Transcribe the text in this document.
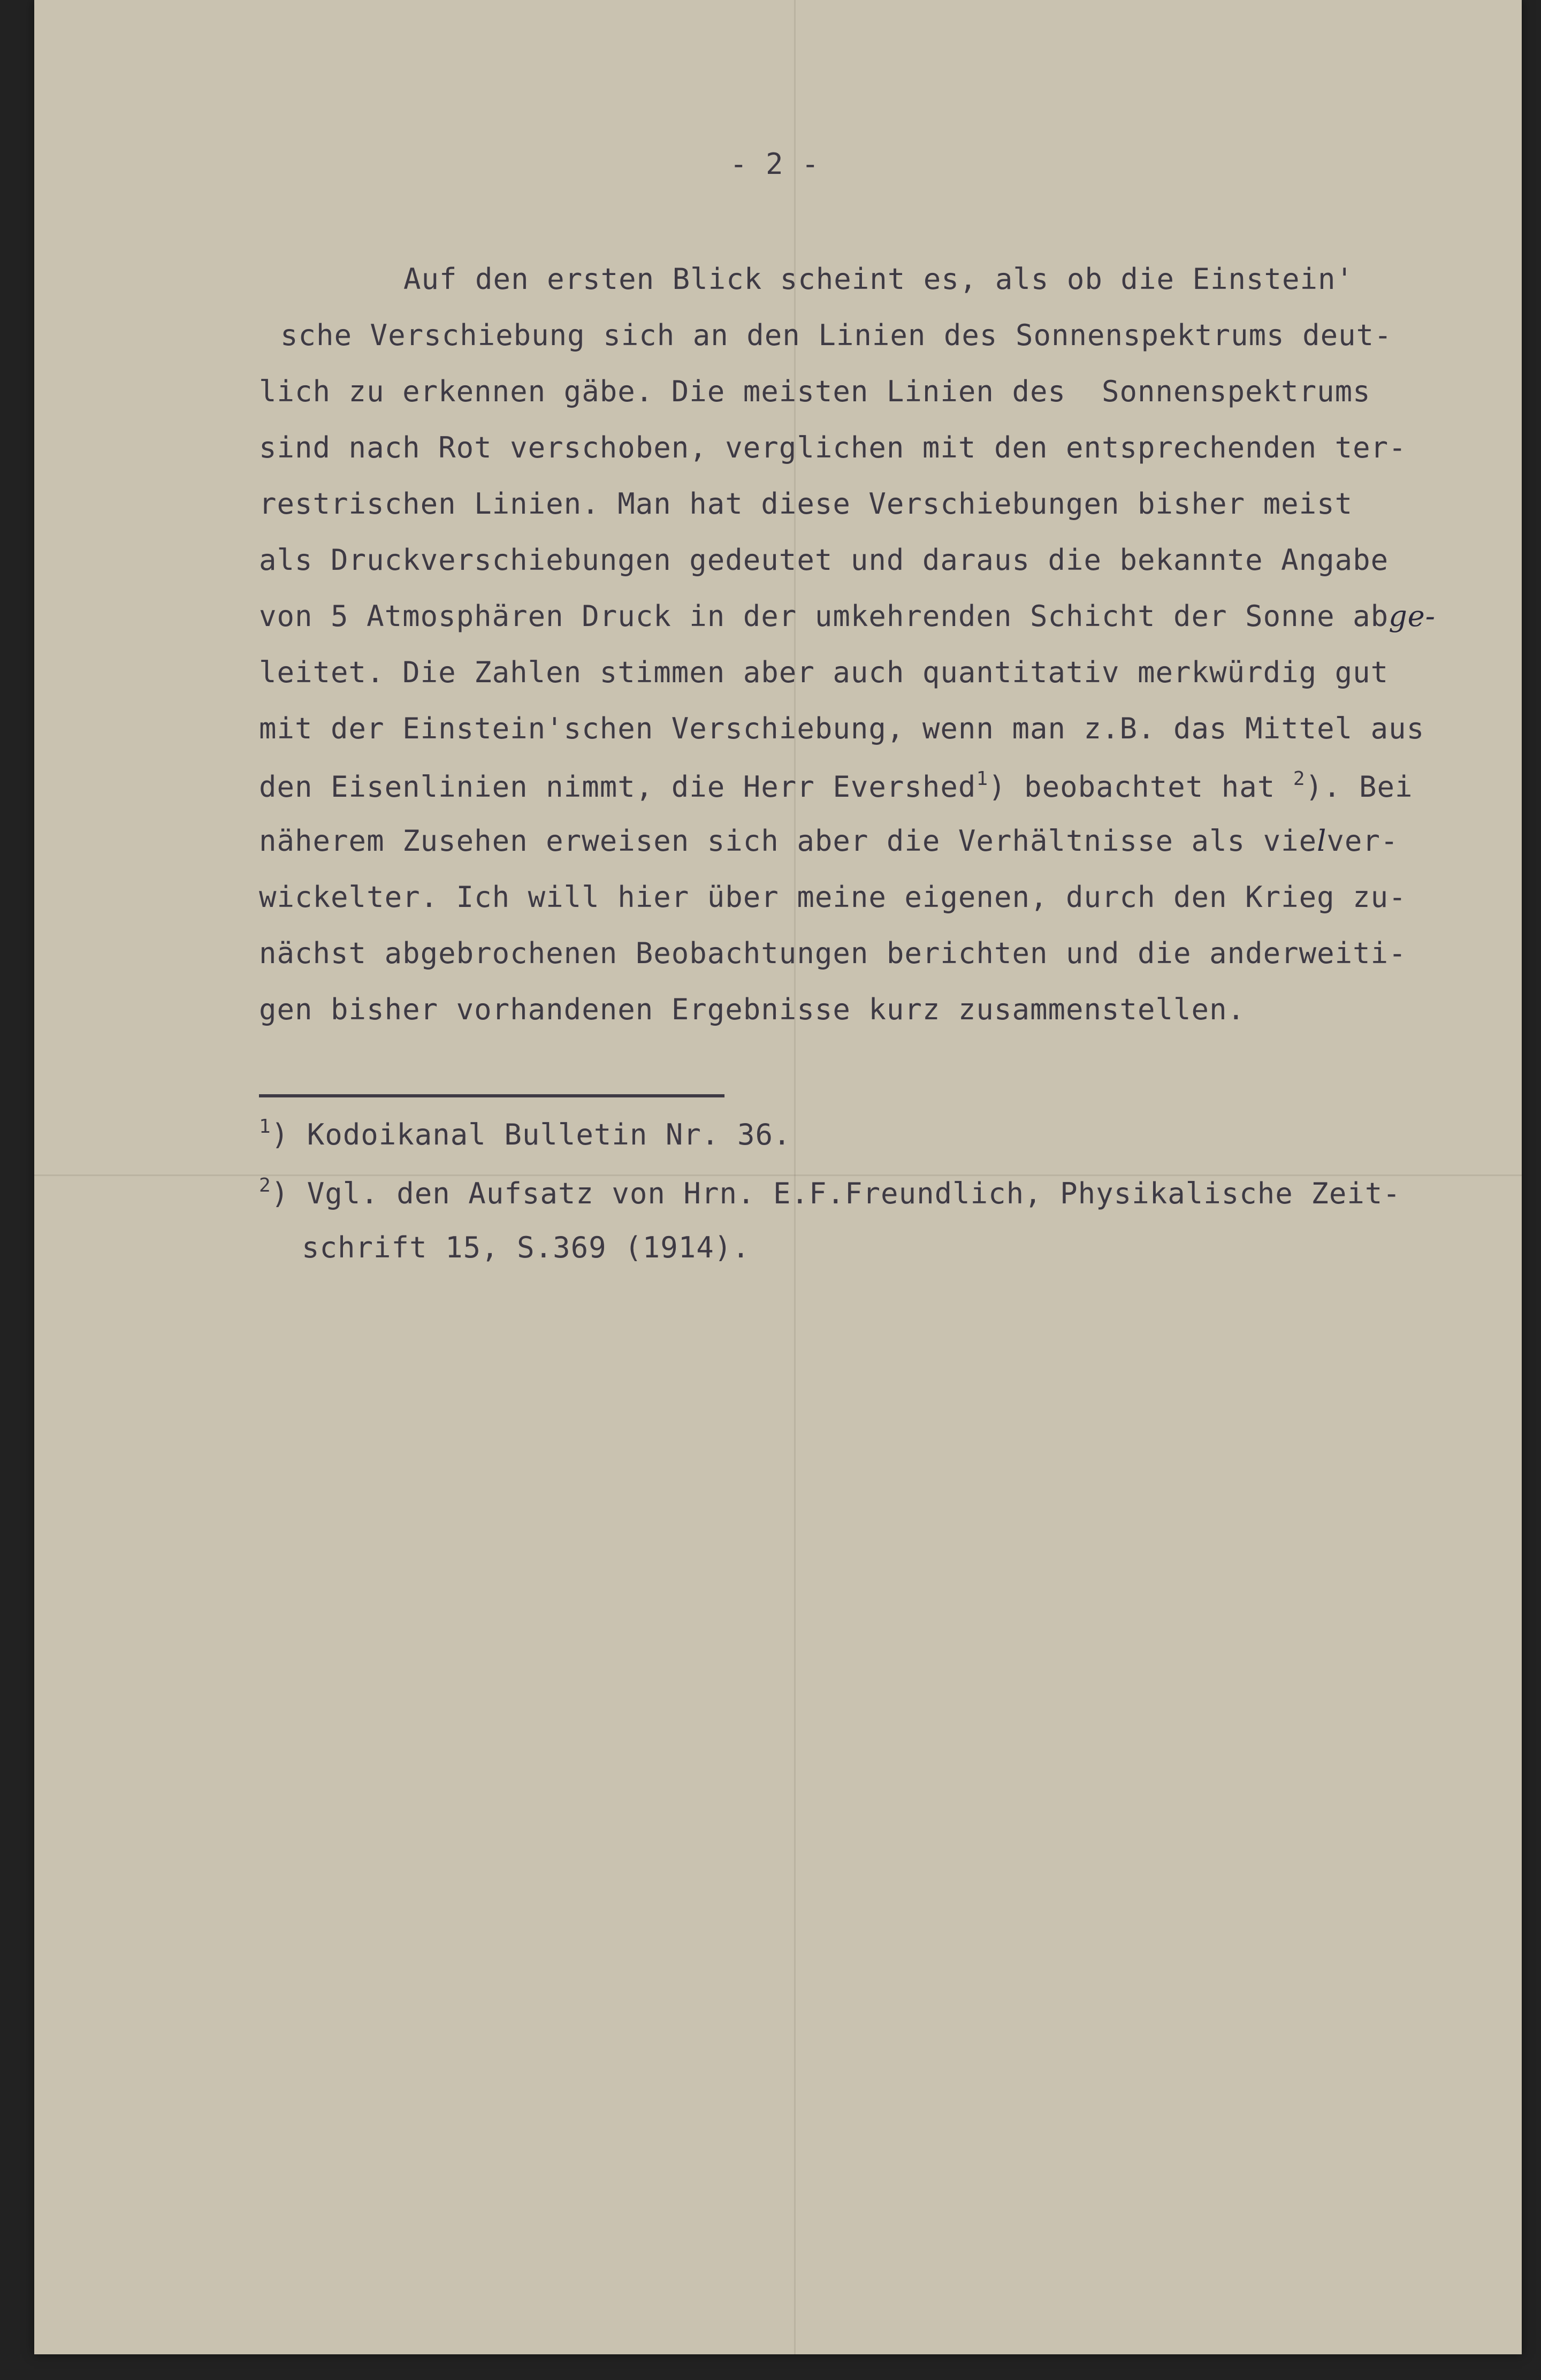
- 2 -

Auf den ersten Blick scheint es, als ob die Einstein'

sche Verschiebung sich an den Linien des Sonnenspektrums deut-

lich zu erkennen gäbe. Die meisten Linien des  Sonnenspektrums

sind nach Rot verschoben, verglichen mit den entsprechenden ter-

restrischen Linien. Man hat diese Verschiebungen bisher meist

als Druckverschiebungen gedeutet und daraus die bekannte Angabe

von 5 Atmosphären Druck in der umkehrenden Schicht der Sonne abge-

leitet. Die Zahlen stimmen aber auch quantitativ merkwürdig gut

mit der Einstein'schen Verschiebung, wenn man z.B. das Mittel aus

den Eisenlinien nimmt, die Herr Evershed$^1$) beobachtet hat $^2$). Bei

näherem Zusehen erweisen sich aber die Verhältnisse als vielver-

wickelter. Ich will hier über meine eigenen, durch den Krieg zu-

nächst abgebrochenen Beobachtungen berichten und die anderweiti-

gen bisher vorhandenen Ergebnisse kurz zusammenstellen.

$^1$) Kodoikanal Bulletin Nr. 36.

$^2$) Vgl. den Aufsatz von Hrn. E.F.Freundlich, Physikalische Zeit-

schrift 15, S.369 (1914).
